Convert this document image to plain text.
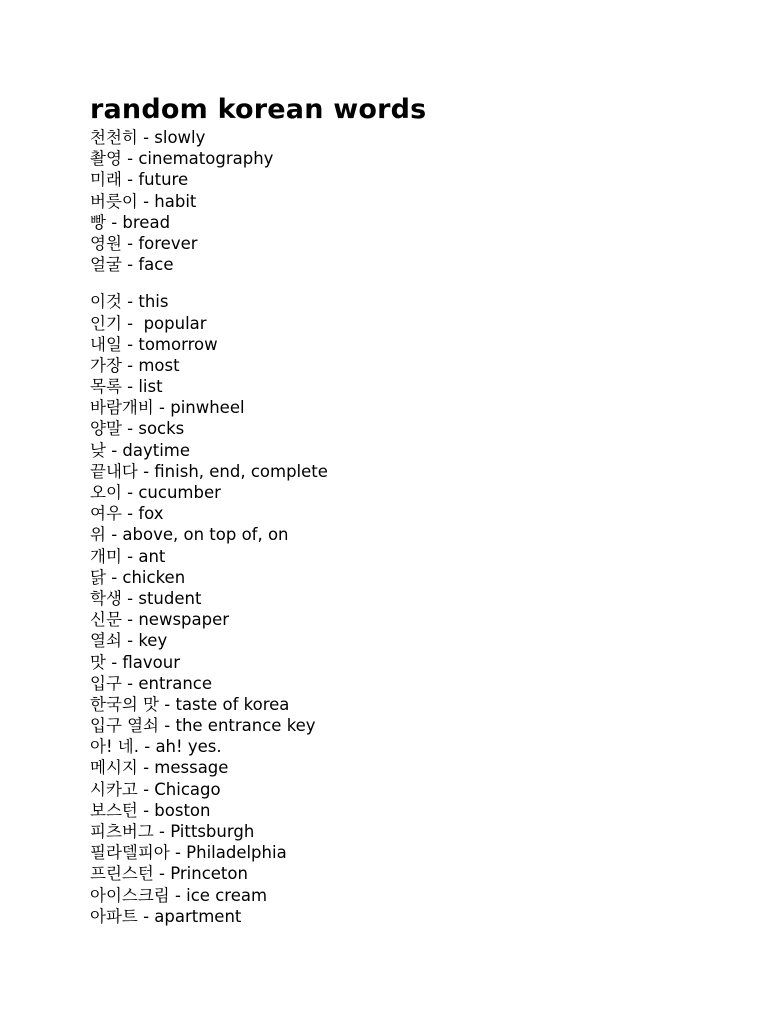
random korean words
천천히 - slowly
촬영 - cinematography
미래 - future
버릇이 - habit
빵 - bread
영원 - forever
얼굴 - face
이것 - this
인기 -  popular
내일 - tomorrow
가장 - most
목록 - list
바람개비 - pinwheel
양말 - socks
낮 - daytime
끝내다 - finish, end, complete
오이 - cucumber
여우 - fox
위 - above, on top of, on
개미 - ant
닭 - chicken
학생 - student
신문 - newspaper
열쇠 - key
맛 - flavour
입구 - entrance
한국의 맛 - taste of korea
입구 열쇠 - the entrance key
아! 네. - ah! yes.
메시지 - message
시카고 - Chicago
보스턴 - boston
피츠버그 - Pittsburgh
필라델피아 - Philadelphia
프린스턴 - Princeton
아이스크림 - ice cream
아파트 - apartment
